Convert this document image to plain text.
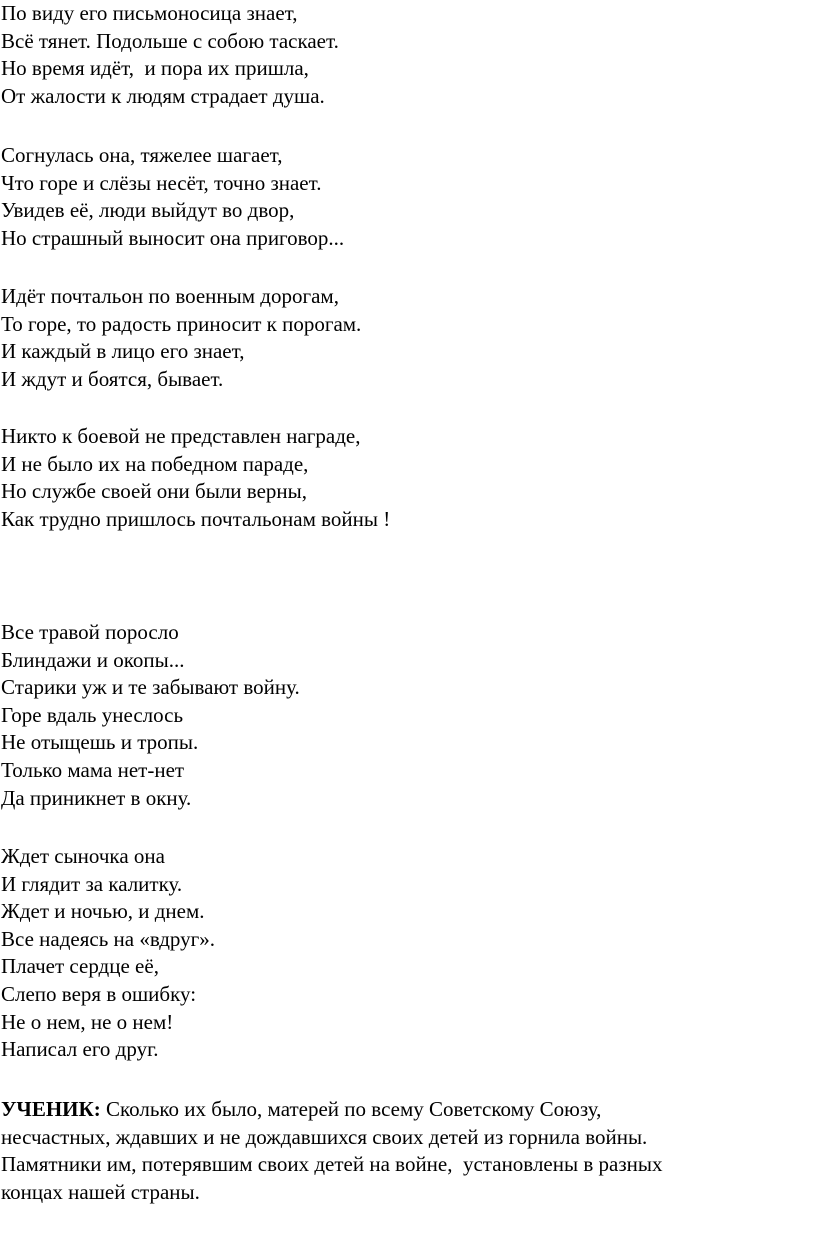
По виду его письмоносица знает,
Всё тянет. Подольше с собою таскает.
Но время идёт,  и пора их пришла,
От жалости к людям страдает душа.
Согнулась она, тяжелее шагает,
Что горе и слёзы несёт, точно знает.
Увидев её, люди выйдут во двор,
Но страшный выносит она приговор...
Идёт почтальон по военным дорогам,
То горе, то радость приносит к порогам.
И каждый в лицо его знает,
И ждут и боятся, бывает.
Никто к боевой не представлен награде,
И не было их на победном параде,
Но службе своей они были верны,
Как трудно пришлось почтальонам войны !
Все травой поросло
Блиндажи и окопы...
Старики уж и те забывают войну.
Горе вдаль унеслось
Не отыщешь и тропы.
Только мама нет-нет
Да приникнет в окну.
Ждет сыночка она
И глядит за калитку.
Ждет и ночью, и днем.
Все надеясь на «вдруг».
Плачет сердце её,
Слепо веря в ошибку:
Не о нем, не о нем!
Написал его друг.
УЧЕНИК: Сколько их было, матерей по всему Советскому Союзу,
несчастных, ждавших и не дождавшихся своих детей из горнила войны.
Памятники им, потерявшим своих детей на войне,  установлены в разных
концах нашей страны.
